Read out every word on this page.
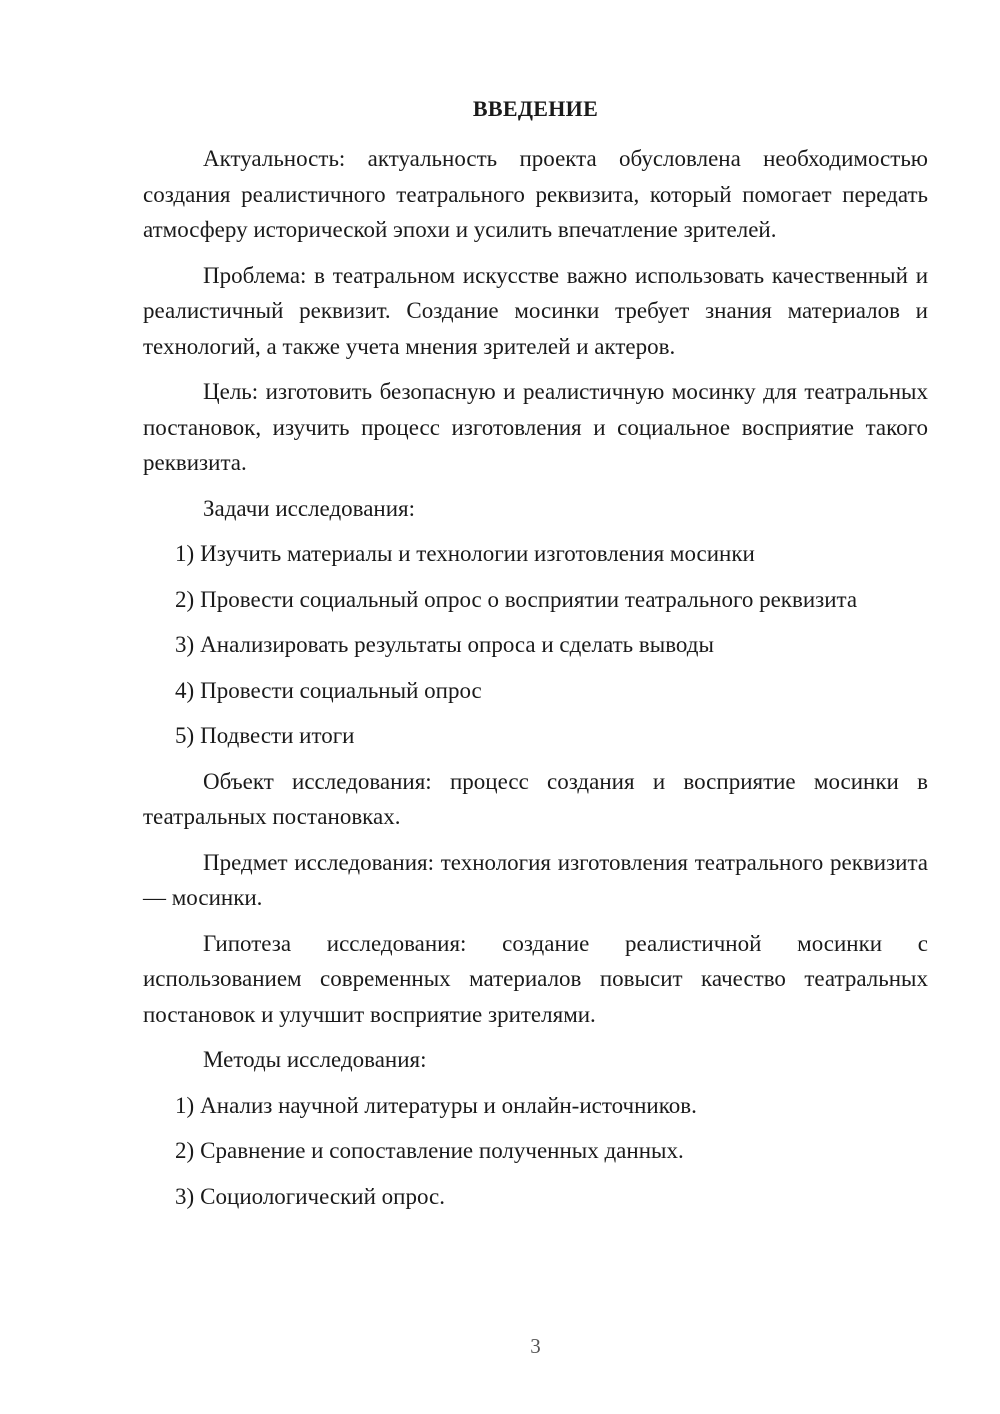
ВВЕДЕНИЕ

Актуальность: актуальность проекта обусловлена необходимостью создания реалистичного театрального реквизита, который помогает передать атмосферу исторической эпохи и усилить впечатление зрителей.

Проблема: в театральном искусстве важно использовать качественный и реалистичный реквизит. Создание мосинки требует знания материалов и технологий, а также учета мнения зрителей и актеров.

Цель: изготовить безопасную и реалистичную мосинку для театральных постановок, изучить процесс изготовления и социальное восприятие такого реквизита.

Задачи исследования:

1) Изучить материалы и технологии изготовления мосинки
2) Провести социальный опрос о восприятии театрального реквизита
3) Анализировать результаты опроса и сделать выводы
4) Провести социальный опрос
5) Подвести итоги

Объект исследования: процесс создания и восприятие мосинки в театральных постановках.

Предмет исследования: технология изготовления театрального реквизита — мосинки.

Гипотеза исследования: создание реалистичной мосинки с использованием современных материалов повысит качество театральных постановок и улучшит восприятие зрителями.

Методы исследования:

1) Анализ научной литературы и онлайн-источников.
2) Сравнение и сопоставление полученных данных.
3) Социологический опрос.
3
